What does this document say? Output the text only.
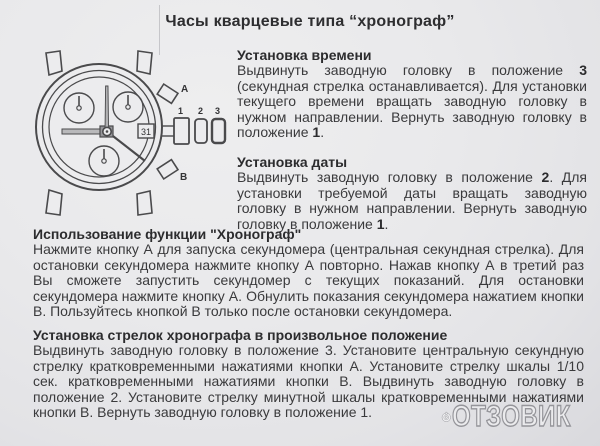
Часы кварцевые типа “хронограф”
A
B
1 2 3
31
Установка времени

Выдвинуть заводную головку в положение 3 (секундная стрелка останавливается). Для установки текущего времени вращать заводную головку в нужном направлении. Вернуть заводную головку в положение 1.

Установка даты

Выдвинуть заводную головку в положение 2. Для установки требуемой даты вращать заводную головку в нужном направлении. Вернуть заводную головку в положение 1.

Использование функции "Хронограф"

Нажмите кнопку А для запуска секундомера (центральная секундная стрелка). Для остановки секундомера нажмите кнопку А повторно. Нажав кнопку А в третий раз Вы сможете запустить секундомер с текущих показаний. Для остановки секундомера нажмите кнопку А. Обнулить показания секундомера нажатием кнопки В. Пользуйтесь кнопкой В только после остановки секундомера.

Установка стрелок хронографа в произвольное положение

Выдвинуть заводную головку в положение 3. Установите центральную секундную стрелку кратковременными нажатиями кнопки А. Установите стрелку шкалы 1/10 сек. кратковременными нажатиями кнопки В. Выдвинуть заводную головку в положение 2. Установите стрелку минутной шкалы кратковременными нажатиями кнопки В. Вернуть заводную головку в положение 1.	ОТЗОВИК
